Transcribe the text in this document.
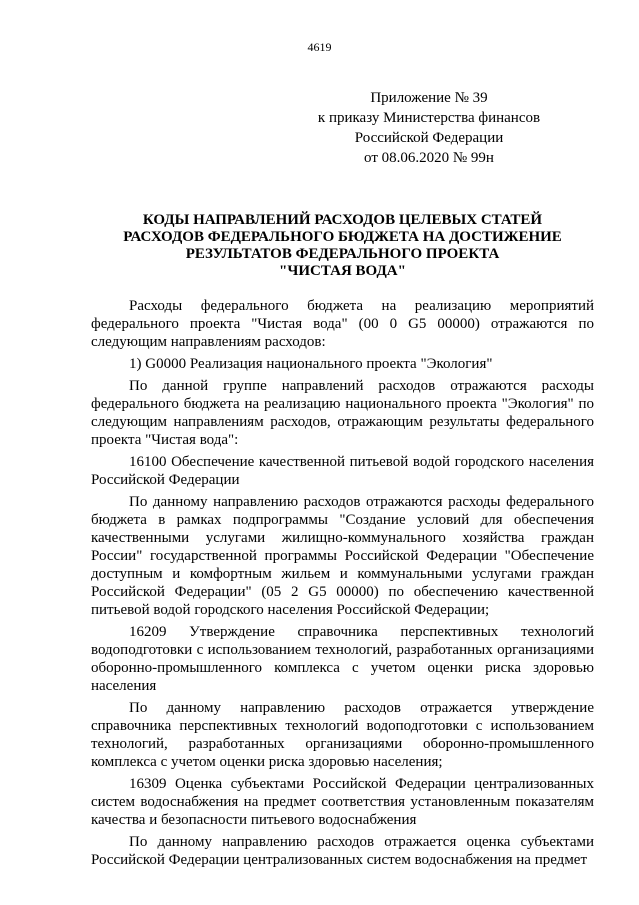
4619
Приложение № 39
к приказу Министерства финансов
Российской Федерации
от 08.06.2020 № 99н
КОДЫ НАПРАВЛЕНИЙ РАСХОДОВ ЦЕЛЕВЫХ СТАТЕЙ
РАСХОДОВ ФЕДЕРАЛЬНОГО БЮДЖЕТА НА ДОСТИЖЕНИЕ
РЕЗУЛЬТАТОВ ФЕДЕРАЛЬНОГО ПРОЕКТА
"ЧИСТАЯ ВОДА"

Расходы федерального бюджета на реализацию мероприятий федерального проекта "Чистая вода" (00 0 G5 00000) отражаются по следующим направлениям расходов:

1) G0000 Реализация национального проекта "Экология"

По данной группе направлений расходов отражаются расходы федерального бюджета на реализацию национального проекта "Экология" по следующим направлениям расходов, отражающим результаты федерального проекта "Чистая вода":

16100 Обеспечение качественной питьевой водой городского населения Российской Федерации

По данному направлению расходов отражаются расходы федерального бюджета в рамках подпрограммы "Создание условий для обеспечения качественными услугами жилищно-коммунального хозяйства граждан России" государственной программы Российской Федерации "Обеспечение доступным и комфортным жильем и коммунальными услугами граждан Российской Федерации" (05 2 G5 00000) по обеспечению качественной питьевой водой городского населения Российской Федерации;

16209 Утверждение справочника перспективных технологий водоподготовки с использованием технологий, разработанных организациями оборонно-промышленного комплекса с учетом оценки риска здоровью населения

По данному направлению расходов отражается утверждение справочника перспективных технологий водоподготовки с использованием технологий, разработанных организациями оборонно-промышленного комплекса с учетом оценки риска здоровью населения;

16309 Оценка субъектами Российской Федерации централизованных систем водоснабжения на предмет соответствия установленным показателям качества и безопасности питьевого водоснабжения

По данному направлению расходов отражается оценка субъектами Российской Федерации централизованных систем водоснабжения на предмет
